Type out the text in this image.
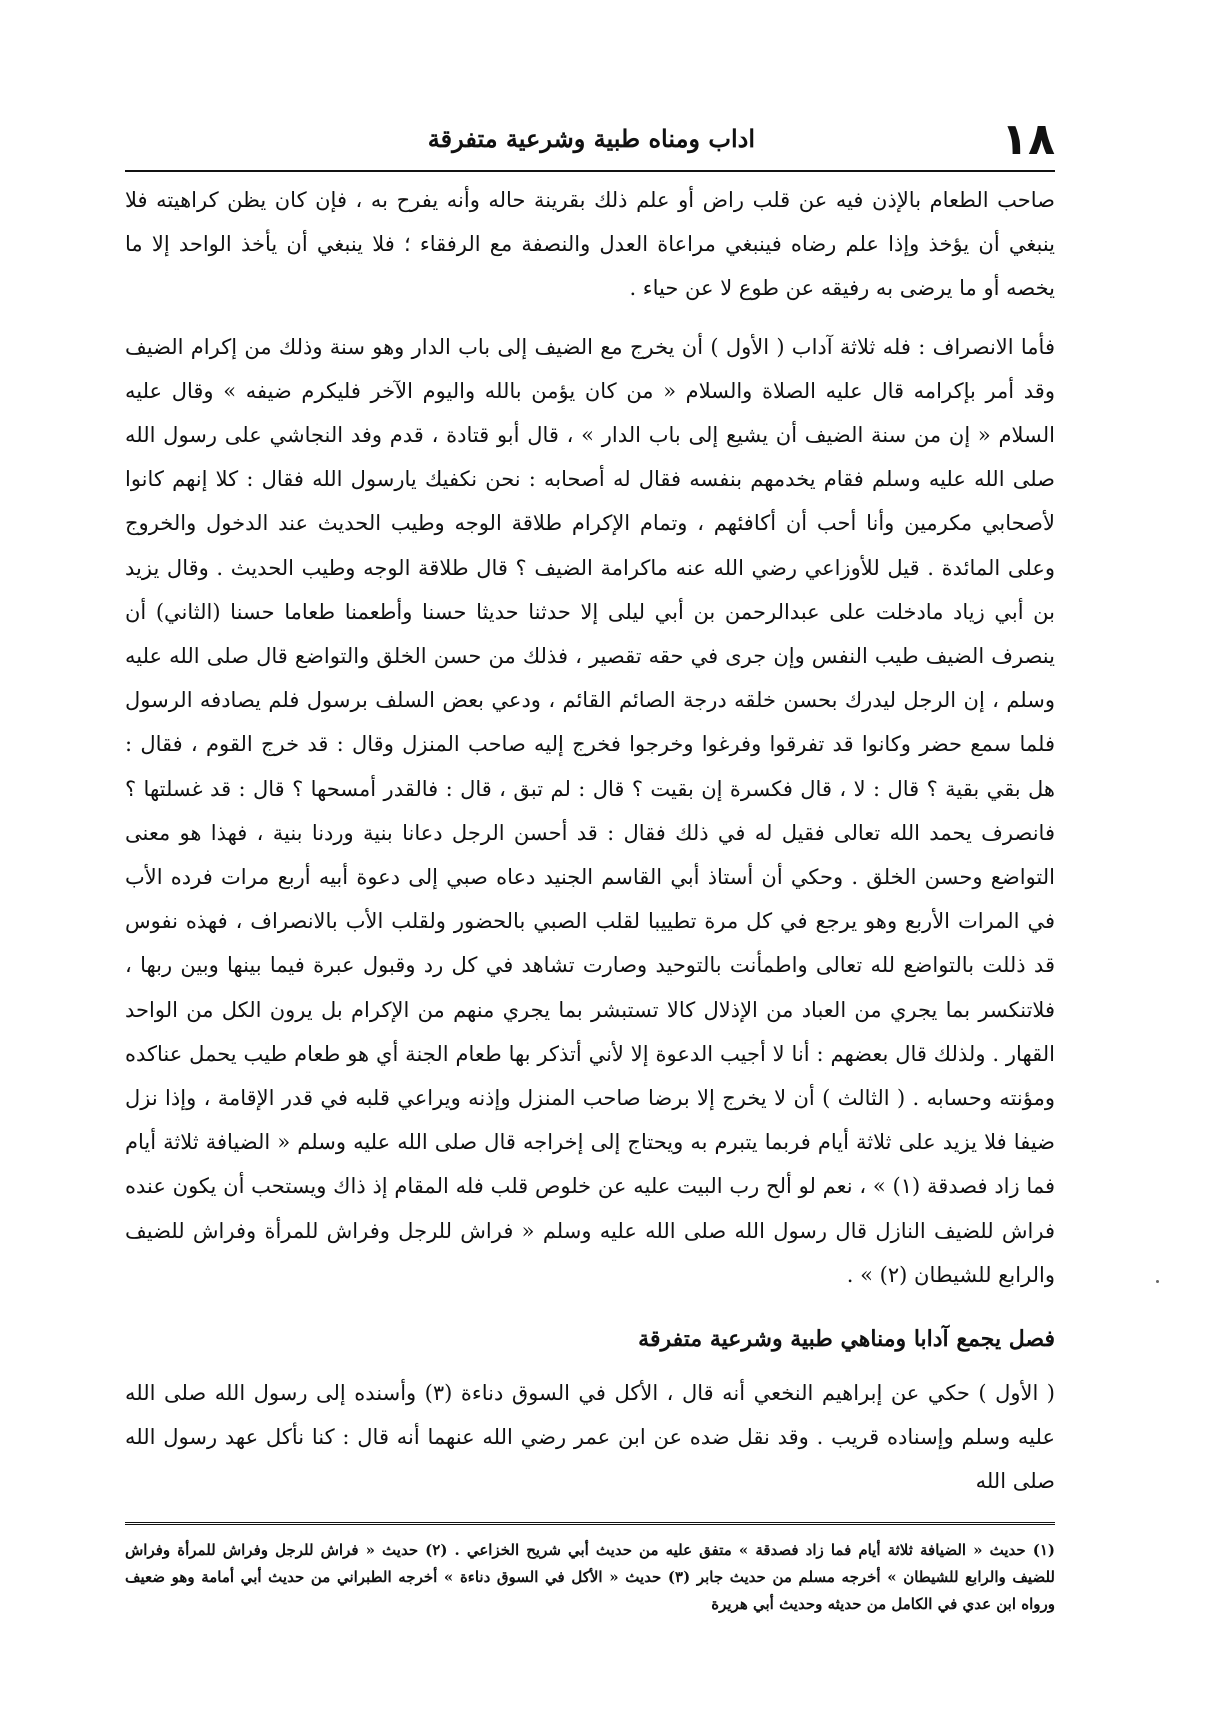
١٨
اداب ومناه طبية وشرعية متفرقة

صاحب الطعام بالإذن فيه عن قلب راض أو علم ذلك بقرينة حاله وأنه يفرح به ، فإن كان يظن كراهيته فلا ينبغي أن يؤخذ وإذا علم رضاه فينبغي مراعاة العدل والنصفة مع الرفقاء ؛ فلا ينبغي أن يأخذ الواحد إلا ما يخصه أو ما يرضى به رفيقه عن طوع لا عن حياء .

فأما الانصراف : فله ثلاثة آداب ( الأول ) أن يخرج مع الضيف إلى باب الدار وهو سنة وذلك من إكرام الضيف وقد أمر بإكرامه قال عليه الصلاة والسلام « من كان يؤمن بالله واليوم الآخر فليكرم ضيفه » وقال عليه السلام « إن من سنة الضيف أن يشيع إلى باب الدار » ، قال أبو قتادة ، قدم وفد النجاشي على رسول الله صلى الله عليه وسلم فقام يخدمهم بنفسه فقال له أصحابه : نحن نكفيك يارسول الله فقال : كلا إنهم كانوا لأصحابي مكرمين وأنا أحب أن أكافئهم ، وتمام الإكرام طلاقة الوجه وطيب الحديث عند الدخول والخروج وعلى المائدة . قيل للأوزاعي رضي الله عنه ماكرامة الضيف ؟ قال طلاقة الوجه وطيب الحديث . وقال يزيد بن أبي زياد مادخلت على عبدالرحمن بن أبي ليلى إلا حدثنا حديثا حسنا وأطعمنا طعاما حسنا (الثاني) أن ينصرف الضيف طيب النفس وإن جرى في حقه تقصير ، فذلك من حسن الخلق والتواضع قال صلى الله عليه وسلم ، إن الرجل ليدرك بحسن خلقه درجة الصائم القائم ، ودعي بعض السلف برسول فلم يصادفه الرسول فلما سمع حضر وكانوا قد تفرقوا وفرغوا وخرجوا فخرج إليه صاحب المنزل وقال : قد خرج القوم ، فقال : هل بقي بقية ؟ قال : لا ، قال فكسرة إن بقيت ؟ قال : لم تبق ، قال : فالقدر أمسحها ؟ قال : قد غسلتها ؟ فانصرف يحمد الله تعالى فقيل له في ذلك فقال : قد أحسن الرجل دعانا بنية وردنا بنية ، فهذا هو معنى التواضع وحسن الخلق . وحكي أن أستاذ أبي القاسم الجنيد دعاه صبي إلى دعوة أبيه أربع مرات فرده الأب في المرات الأربع وهو يرجع في كل مرة تطييبا لقلب الصبي بالحضور ولقلب الأب بالانصراف ، فهذه نفوس قد ذللت بالتواضع لله تعالى واطمأنت بالتوحيد وصارت تشاهد في كل رد وقبول عبرة فيما بينها وبين ربها ، فلاتنكسر بما يجري من العباد من الإذلال كالا تستبشر بما يجري منهم من الإكرام بل يرون الكل من الواحد القهار . ولذلك قال بعضهم : أنا لا أجيب الدعوة إلا لأني أتذكر بها طعام الجنة أي هو طعام طيب يحمل عناكده ومؤنته وحسابه . ( الثالث ) أن لا يخرج إلا برضا صاحب المنزل وإذنه ويراعي قلبه في قدر الإقامة ، وإذا نزل ضيفا فلا يزيد على ثلاثة أيام فربما يتبرم به ويحتاج إلى إخراجه قال صلى الله عليه وسلم « الضيافة ثلاثة أيام فما زاد فصدقة (١) » ، نعم لو ألح رب البيت عليه عن خلوص قلب فله المقام إذ ذاك ويستحب أن يكون عنده فراش للضيف النازل قال رسول الله صلى الله عليه وسلم « فراش للرجل وفراش للمرأة وفراش للضيف والرابع للشيطان (٢) » .

فصل يجمع آدابا ومناهي طبية وشرعية متفرقة

( الأول ) حكي عن إبراهيم النخعي أنه قال ، الأكل في السوق دناءة (٣) وأسنده إلى رسول الله صلى الله عليه وسلم وإسناده قريب . وقد نقل ضده عن ابن عمر رضي الله عنهما أنه قال : كنا نأكل عهد رسول الله صلى الله

(١) حديث « الضيافة ثلاثة أيام فما زاد فصدقة » متفق عليه من حديث أبي شريح الخزاعي . (٢) حديث « فراش للرجل وفراش للمرأة وفراش للضيف والرابع للشيطان » أخرجه مسلم من حديث جابر (٣) حديث « الأكل في السوق دناءة » أخرجه الطبراني من حديث أبي أمامة وهو ضعيف ورواه ابن عدي في الكامل من حديثه وحديث أبي هريرة
